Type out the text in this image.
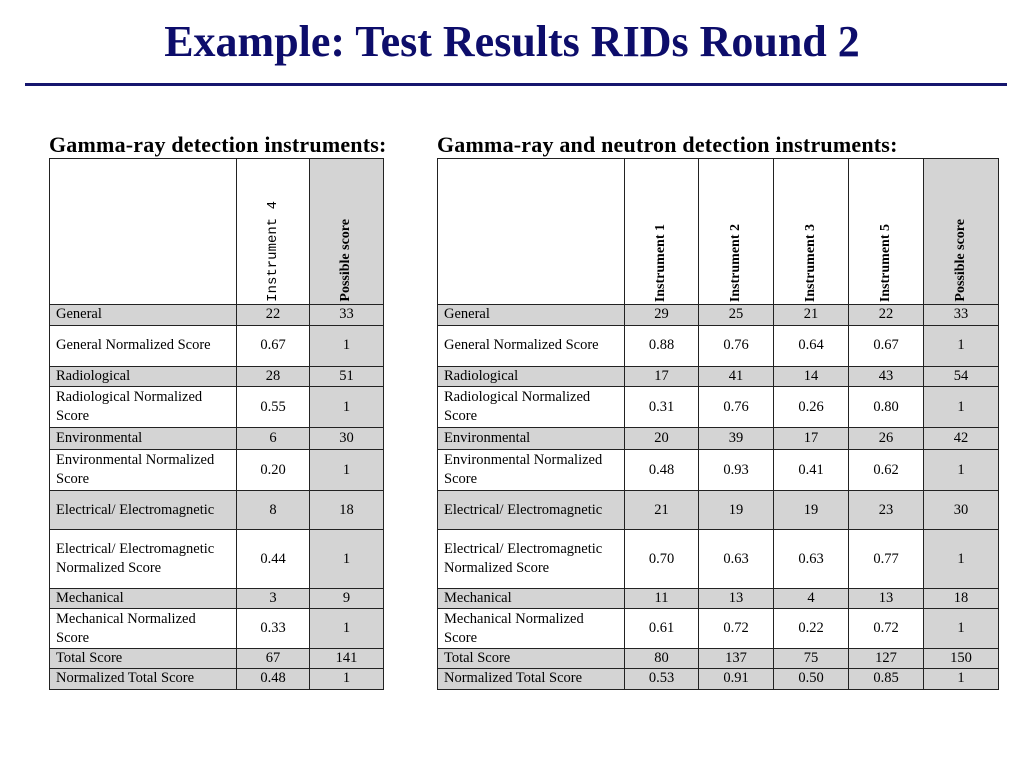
Example: Test Results RIDs Round 2
Gamma-ray detection instruments:

	Instrument 4	Possible score

General	22	33
General Normalized Score	0.67	1
Radiological	28	51
Radiological Normalized Score	0.55	1
Environmental	6	30
Environmental Normalized Score	0.20	1
Electrical/ Electromagnetic	8	18
Electrical/ Electromagnetic Normalized Score	0.44	1
Mechanical	3	9
Mechanical Normalized Score	0.33	1
Total Score	67	141
Normalized Total Score	0.48	1
Gamma-ray and neutron detection instruments:

	Instrument 1	Instrument 2	Instrument 3	Instrument 5	Possible score

General	29	25	21	22	33
General Normalized Score	0.88	0.76	0.64	0.67	1
Radiological	17	41	14	43	54
Radiological Normalized Score	0.31	0.76	0.26	0.80	1
Environmental	20	39	17	26	42
Environmental Normalized Score	0.48	0.93	0.41	0.62	1
Electrical/ Electromagnetic	21	19	19	23	30
Electrical/ Electromagnetic Normalized Score	0.70	0.63	0.63	0.77	1
Mechanical	11	13	4	13	18
Mechanical Normalized Score	0.61	0.72	0.22	0.72	1
Total Score	80	137	75	127	150
Normalized Total Score	0.53	0.91	0.50	0.85	1
